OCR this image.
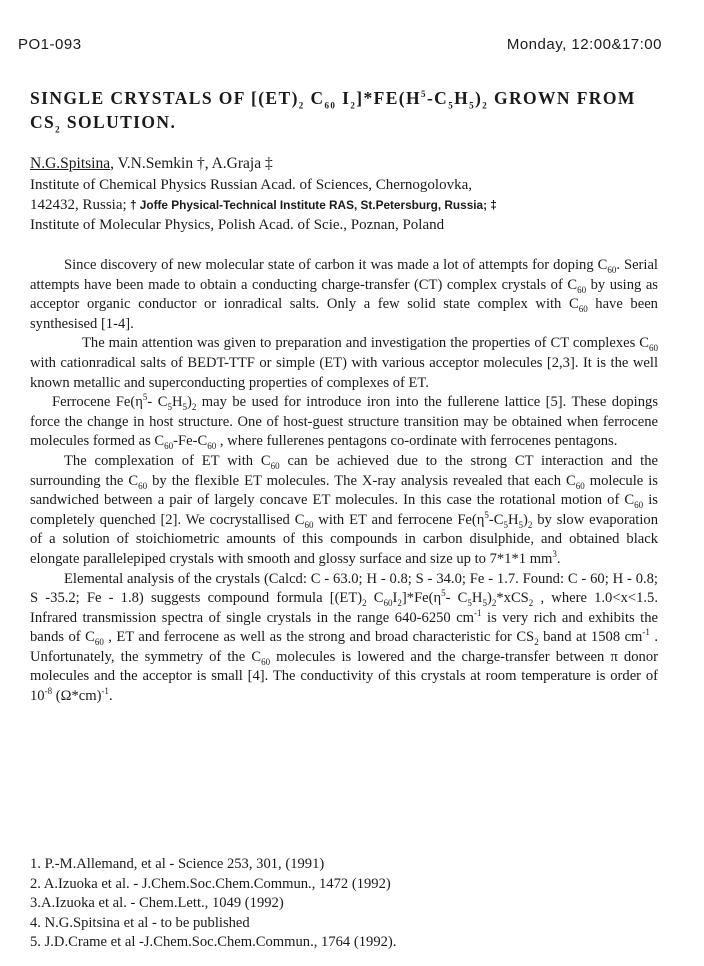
PO1-093	Monday, 12:00&17:00
SINGLE CRYSTALS OF [$(ET)_2$ $C_{60}$ $I_2]*FE(H^5-C_5H_5)_2$ GROWN FROM $CS_2$ SOLUTION.
N.G.Spitsina, V.N.Semkin †, A.Graja ‡
Institute of Chemical Physics Russian Acad. of Sciences, Chernogolovka,
142432, Russia; † Joffe Physical-Technical Institute RAS, St.Petersburg, Russia; ‡
Institute of Molecular Physics, Polish Acad. of Scie., Poznan, Poland

Since discovery of new molecular state of carbon it was made a lot of attempts for doping $C_{60}$. Serial attempts have been made to obtain a conducting charge-transfer (CT) complex crystals of $C_{60}$ by using as acceptor organic conductor or ionradical salts. Only a few solid state complex with $C_{60}$ have been synthesised [1-4].

The main attention was given to preparation and investigation the properties of CT complexes $C_{60}$ with cationradical salts of BEDT-TTF or simple (ET) with various acceptor molecules [2,3]. It is the well known metallic and superconducting properties of complexes of ET.

Ferrocene $Fe(\eta^5-$ $C_5H_5)_2$ may be used for introduce iron into the fullerene lattice [5]. These dopings force the change in host structure. One of host-guest structure transition may be obtained when ferrocene molecules formed as $C_{60}-Fe-C_{60}$ , where fullerenes pentagons co-ordinate with ferrocenes pentagons.

The complexation of ET with $C_{60}$ can be achieved due to the strong CT interaction and the surrounding the $C_{60}$ by the flexible ET molecules. The X-ray analysis revealed that each $C_{60}$ molecule is sandwiched between a pair of largely concave ET molecules. In this case the rotational motion of $C_{60}$ is completely quenched [2]. We cocrystallised $C_{60}$ with ET and ferrocene $Fe(\eta^5-C_5H_5)_2$ by slow evaporation of a solution of stoichiometric amounts of this compounds in carbon disulphide, and obtained black elongate parallelepiped crystals with smooth and glossy surface and size up to 7*1*1 $mm^3$.

Elemental analysis of the crystals (Calcd: C - 63.0; H - 0.8; S - 34.0; Fe - 1.7. Found: C - 60; H - 0.8; S -35.2; Fe - 1.8) suggests compound formula [$(ET)_2$ $C_{60}I_2]*Fe(\eta^5-$ $C_5H_5)_2*xCS_2$ , where 1.0<x<1.5. Infrared transmission spectra of single crystals in the range 640-6250 $cm^{-1}$ is very rich and exhibits the bands of $C_{60}$ , ET and ferrocene as well as the strong and broad characteristic for $CS_2$ band at 1508 $cm^{-1}$ . Unfortunately, the symmetry of the $C_{60}$ molecules is lowered and the charge-transfer between π donor molecules and the acceptor is small [4]. The conductivity of this crystals at room temperature is order of $10^{-8}$ $(\Omega*cm)^{-1}$.

1. P.-M.Allemand, et al - Science 253, 301, (1991)
2. A.Izuoka et al. - J.Chem.Soc.Chem.Commun., 1472 (1992)
3.A.Izuoka et al. - Chem.Lett., 1049 (1992)
4. N.G.Spitsina et al - to be published
5. J.D.Crame et al -J.Chem.Soc.Chem.Commun., 1764 (1992).
